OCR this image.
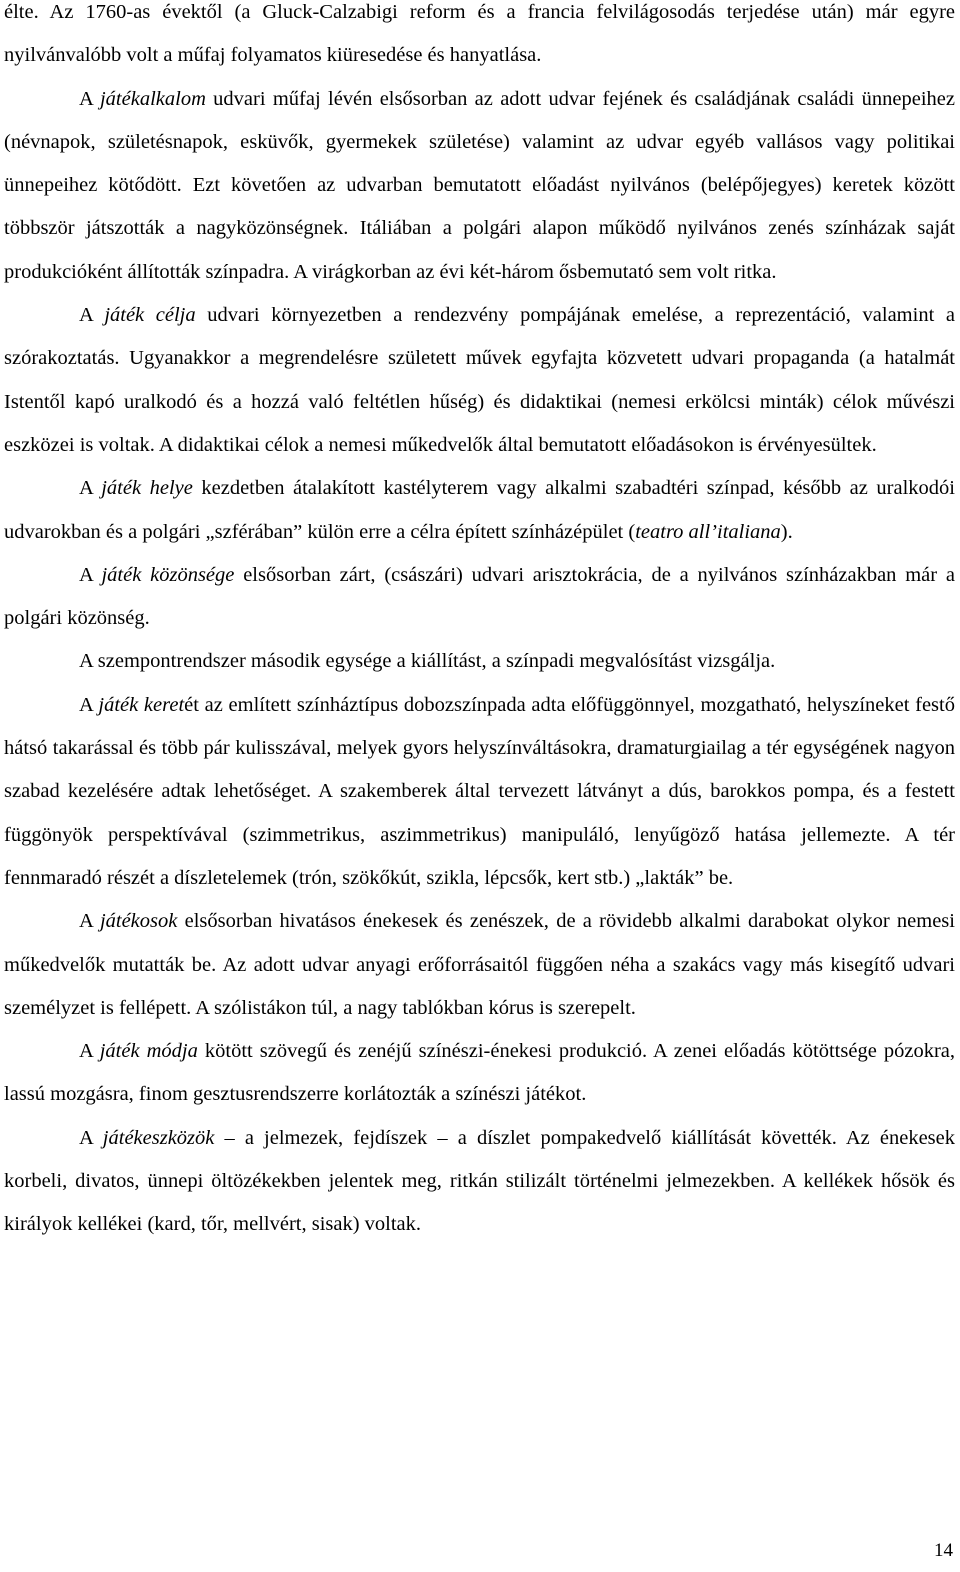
élte. Az 1760-as évektől (a Gluck-Calzabigi reform és a francia felvilágosodás terjedése után) már egyre nyilvánvalóbb volt a műfaj folyamatos kiüresedése és hanyatlása.

A játékalkalom udvari műfaj lévén elsősorban az adott udvar fejének és családjának családi ünnepeihez (névnapok, születésnapok, esküvők, gyermekek születése) valamint az udvar egyéb vallásos vagy politikai ünnepeihez kötődött. Ezt követően az udvarban bemutatott előadást nyilvános (belépőjegyes) keretek között többször játszották a nagyközönségnek. Itáliában a polgári alapon működő nyilvános zenés színházak saját produkcióként állították színpadra. A virágkorban az évi két-három ősbemutató sem volt ritka.

A játék célja udvari környezetben a rendezvény pompájának emelése, a reprezentáció, valamint a szórakoztatás. Ugyanakkor a megrendelésre született művek egyfajta közvetett udvari propaganda (a hatalmát Istentől kapó uralkodó és a hozzá való feltétlen hűség) és didaktikai (nemesi erkölcsi minták) célok művészi eszközei is voltak. A didaktikai célok a nemesi műkedvelők által bemutatott előadásokon is érvényesültek.

A játék helye kezdetben átalakított kastélyterem vagy alkalmi szabadtéri színpad, később az uralkodói udvarokban és a polgári „szférában” külön erre a célra épített színházépület (teatro all’italiana).

A játék közönsége elsősorban zárt, (császári) udvari arisztokrácia, de a nyilvános színházakban már a polgári közönség.

A szempontrendszer második egysége a kiállítást, a színpadi megvalósítást vizsgálja.

A játék keretét az említett színháztípus dobozszínpada adta előfüggönnyel, mozgatható, helyszíneket festő hátsó takarással és több pár kulisszával, melyek gyors helyszínváltásokra, dramaturgiailag a tér egységének nagyon szabad kezelésére adtak lehetőséget. A szakemberek által tervezett látványt a dús, barokkos pompa, és a festett függönyök perspektívával (szimmetrikus, aszimmetrikus) manipuláló, lenyűgöző hatása jellemezte. A tér fennmaradó részét a díszletelemek (trón, szökőkút, szikla, lépcsők, kert stb.) „lakták” be.

A játékosok elsősorban hivatásos énekesek és zenészek, de a rövidebb alkalmi darabokat olykor nemesi műkedvelők mutatták be. Az adott udvar anyagi erőforrásaitól függően néha a szakács vagy más kisegítő udvari személyzet is fellépett. A szólistákon túl, a nagy tablókban kórus is szerepelt.

A játék módja kötött szövegű és zenéjű színészi-énekesi produkció. A zenei előadás kötöttsége pózokra, lassú mozgásra, finom gesztusrendszerre korlátozták a színészi játékot.

A játékeszközök – a jelmezek, fejdíszek – a díszlet pompakedvelő kiállítását követték. Az énekesek korbeli, divatos, ünnepi öltözékekben jelentek meg, ritkán stilizált történelmi jelmezekben. A kellékek hősök és királyok kellékei (kard, tőr, mellvért, sisak) voltak.

14
